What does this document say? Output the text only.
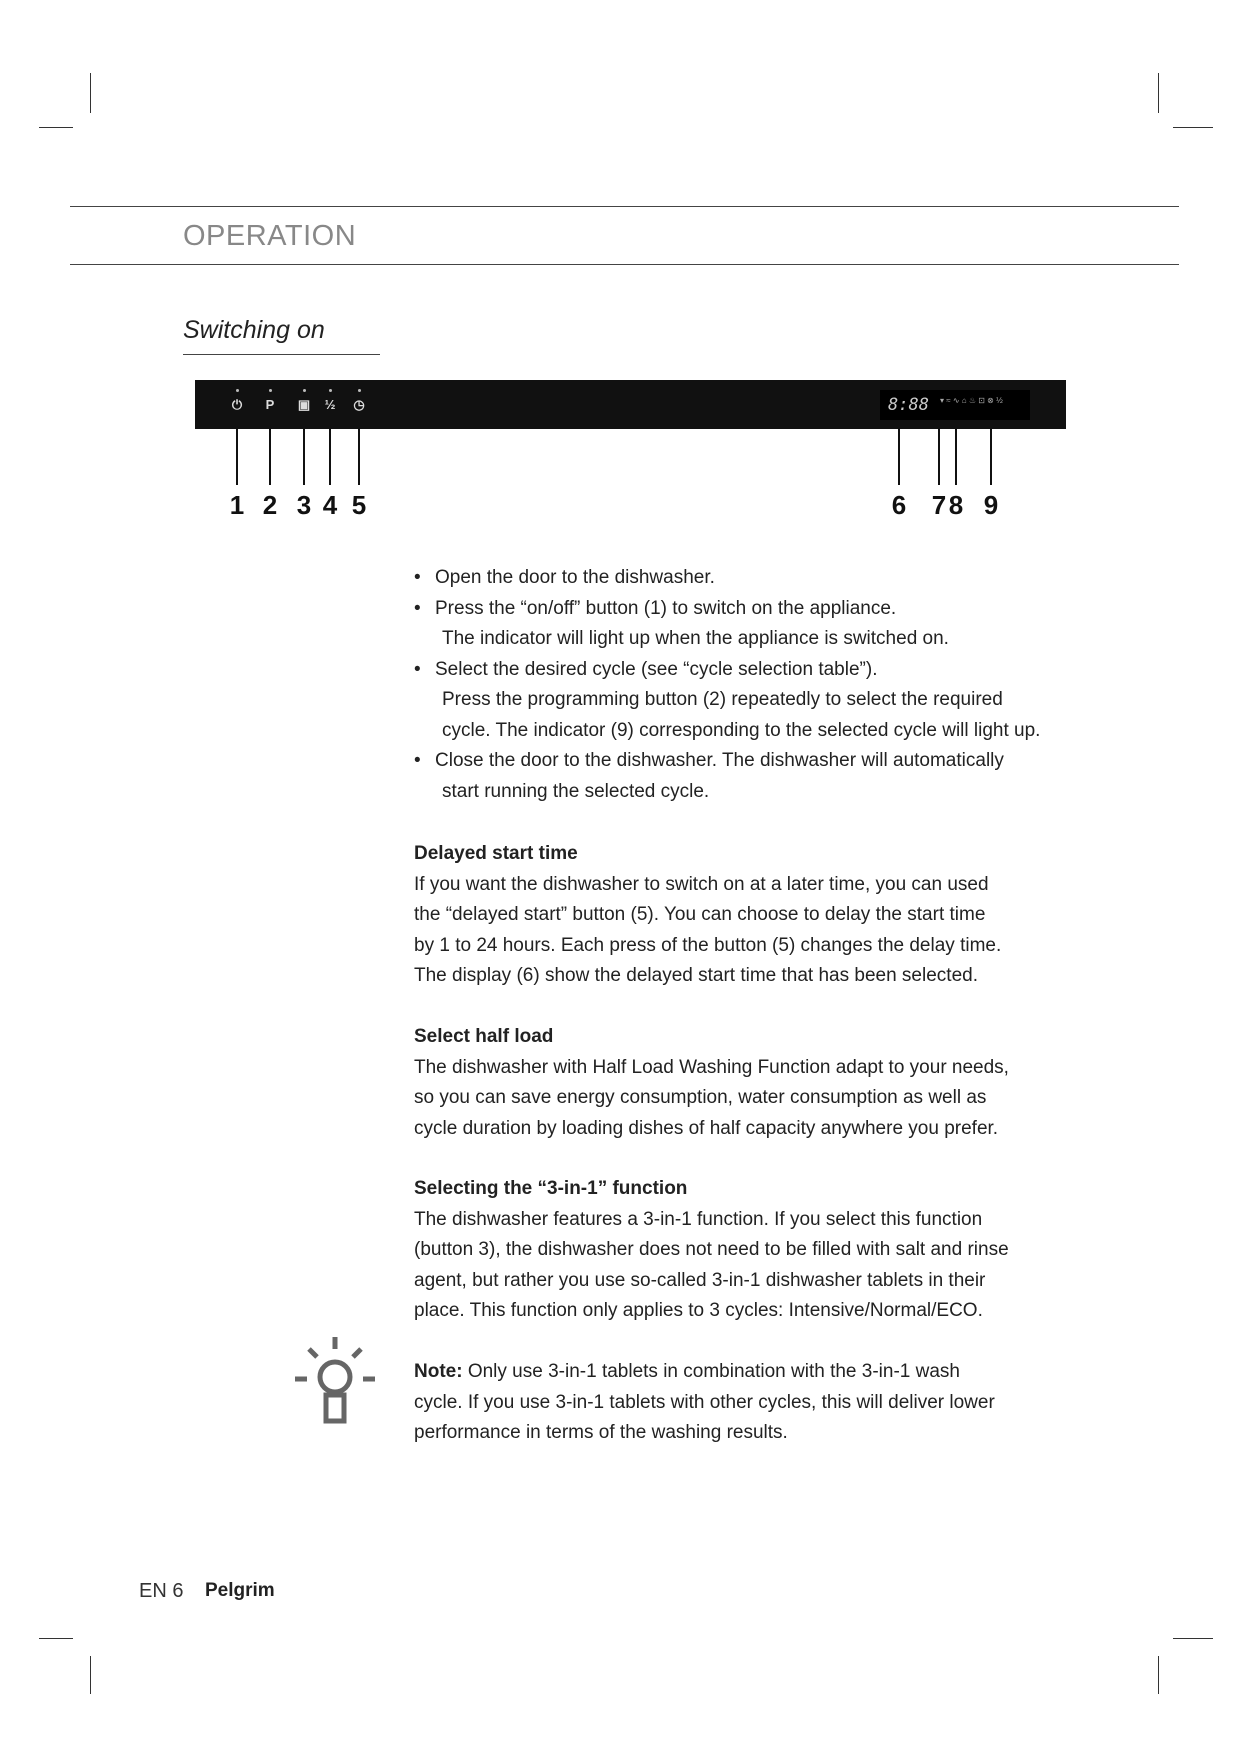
OPERATION
Switching on
⏻ P ▣ ½ ◷	8:88 ▾ ≈ ∿ ⌂ ♨ ⊡ ⊗ ½
1 2 3 4 5	6 7 8 9
• Open the door to the dishwasher.

• Press the “on/off” button (1) to switch on the appliance.

The indicator will light up when the appliance is switched on.

• Select the desired cycle (see “cycle selection table”).

Press the programming button (2) repeatedly to select the required

cycle. The indicator (9) corresponding to the selected cycle will light up.

• Close the door to the dishwasher. The dishwasher will automatically

start running the selected cycle.

Delayed start time

If you want the dishwasher to switch on at a later time, you can used

the “delayed start” button (5). You can choose to delay the start time

by 1 to 24 hours. Each press of the button (5) changes the delay time.

The display (6) show the delayed start time that has been selected.

Select half load

The dishwasher with Half Load Washing Function adapt to your needs,

so you can save energy consumption, water consumption as well as

cycle duration by loading dishes of half capacity anywhere you prefer.

Selecting the “3-in-1” function

The dishwasher features a 3-in-1 function. If you select this function

(button 3), the dishwasher does not need to be filled with salt and rinse

agent, but rather you use so-called 3-in-1 dishwasher tablets in their

place. This function only applies to 3 cycles: Intensive/Normal/ECO.

Note: Only use 3-in-1 tablets in combination with the 3-in-1 wash

cycle. If you use 3-in-1 tablets with other cycles, this will deliver lower

performance in terms of the washing results.

EN 6 Pelgrim
